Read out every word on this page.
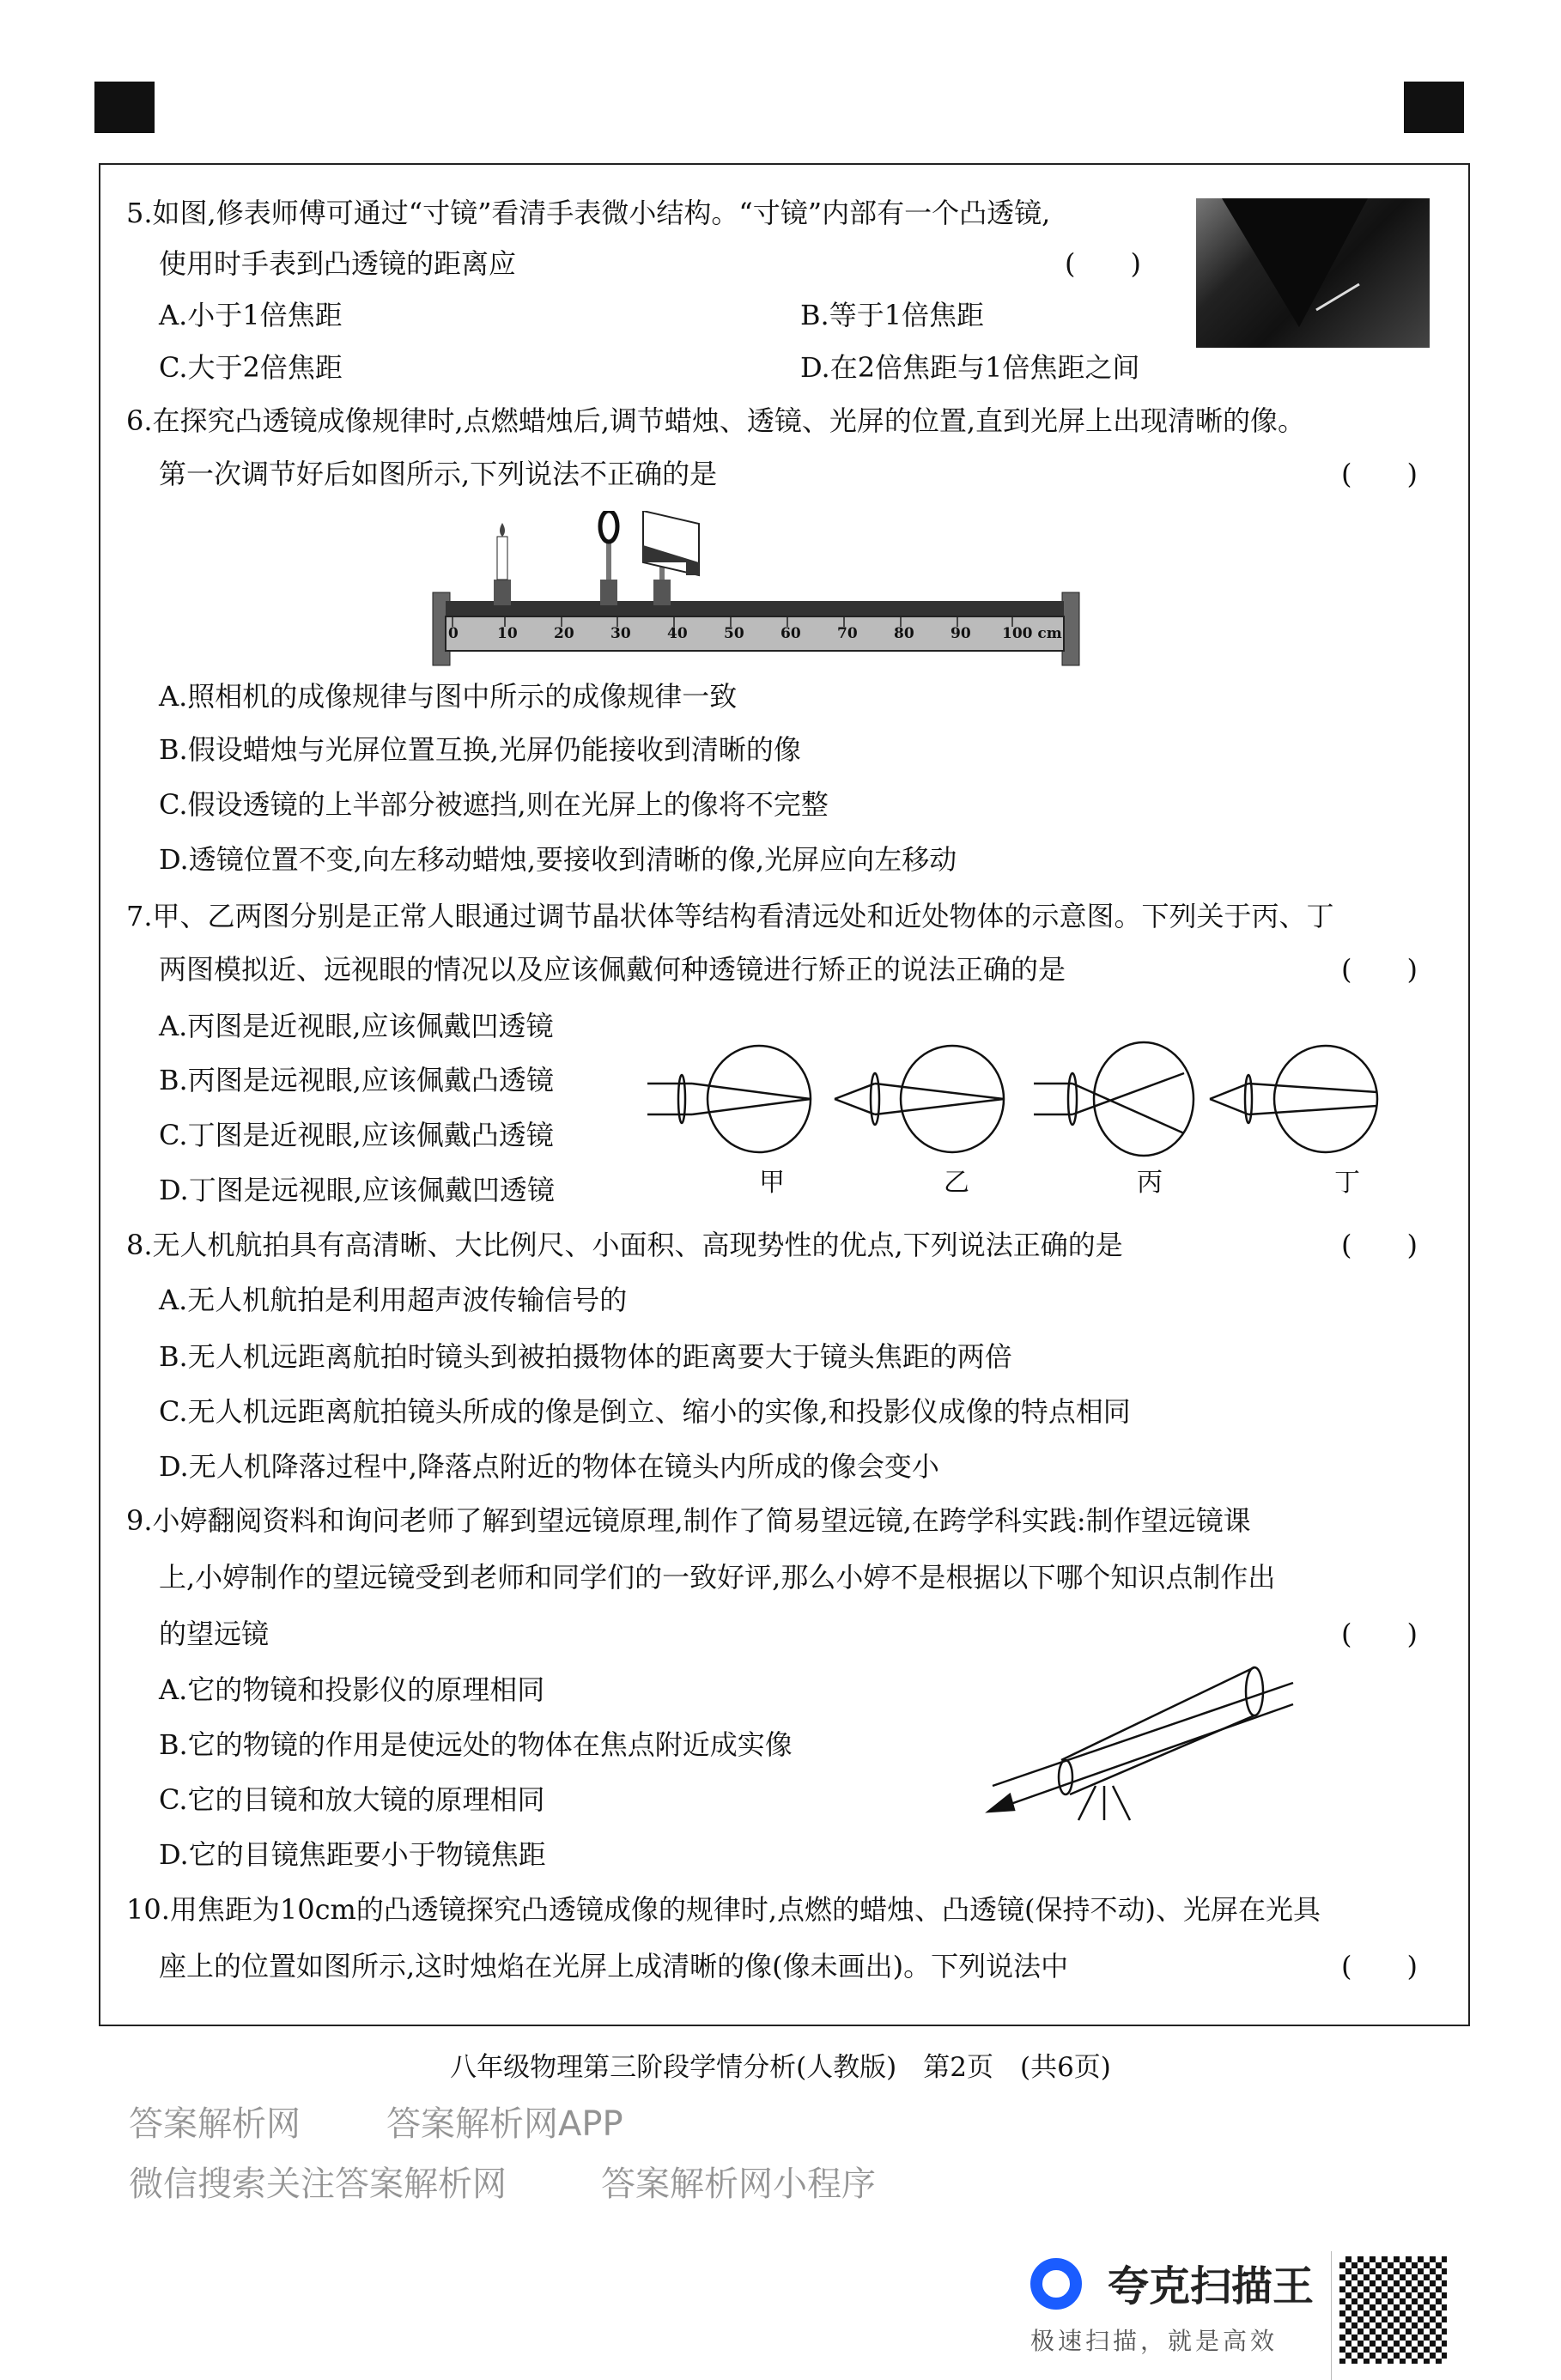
5.如图,修表师傅可通过“寸镜”看清手表微小结构。“寸镜”内部有一个凸透镜,
使用时手表到凸透镜的距离应	(　　)
A.小于1倍焦距	B.等于1倍焦距
C.大于2倍焦距	D.在2倍焦距与1倍焦距之间
6.在探究凸透镜成像规律时,点燃蜡烛后,调节蜡烛、透镜、光屏的位置,直到光屏上出现清晰的像。
第一次调节好后如图所示,下列说法不正确的是	(　　)
0	10 20 30 40 50 60 70 80 90 100 cm
A.照相机的成像规律与图中所示的成像规律一致
B.假设蜡烛与光屏位置互换,光屏仍能接收到清晰的像
C.假设透镜的上半部分被遮挡,则在光屏上的像将不完整
D.透镜位置不变,向左移动蜡烛,要接收到清晰的像,光屏应向左移动
7.甲、乙两图分别是正常人眼通过调节晶状体等结构看清远处和近处物体的示意图。下列关于丙、丁
两图模拟近、远视眼的情况以及应该佩戴何种透镜进行矫正的说法正确的是	(　　)
A.丙图是近视眼,应该佩戴凹透镜
B.丙图是远视眼,应该佩戴凸透镜
C.丁图是近视眼,应该佩戴凸透镜
D.丁图是远视眼,应该佩戴凹透镜	甲	乙	丙	丁
8.无人机航拍具有高清晰、大比例尺、小面积、高现势性的优点,下列说法正确的是	(　　)
A.无人机航拍是利用超声波传输信号的
B.无人机远距离航拍时镜头到被拍摄物体的距离要大于镜头焦距的两倍
C.无人机远距离航拍镜头所成的像是倒立、缩小的实像,和投影仪成像的特点相同
D.无人机降落过程中,降落点附近的物体在镜头内所成的像会变小
9.小婷翻阅资料和询问老师了解到望远镜原理,制作了简易望远镜,在跨学科实践:制作望远镜课
上,小婷制作的望远镜受到老师和同学们的一致好评,那么小婷不是根据以下哪个知识点制作出
的望远镜	(　　)
A.它的物镜和投影仪的原理相同
B.它的物镜的作用是使远处的物体在焦点附近成实像
C.它的目镜和放大镜的原理相同
D.它的目镜焦距要小于物镜焦距
10.用焦距为10cm的凸透镜探究凸透镜成像的规律时,点燃的蜡烛、凸透镜(保持不动)、光屏在光具
座上的位置如图所示,这时烛焰在光屏上成清晰的像(像未画出)。下列说法中	(　　)
八年级物理第三阶段学情分析(人教版)　第2页　(共6页)
答案解析网	答案解析网APP
微信搜索关注答案解析网	答案解析网小程序
夸克扫描王
极速扫描，就是高效
